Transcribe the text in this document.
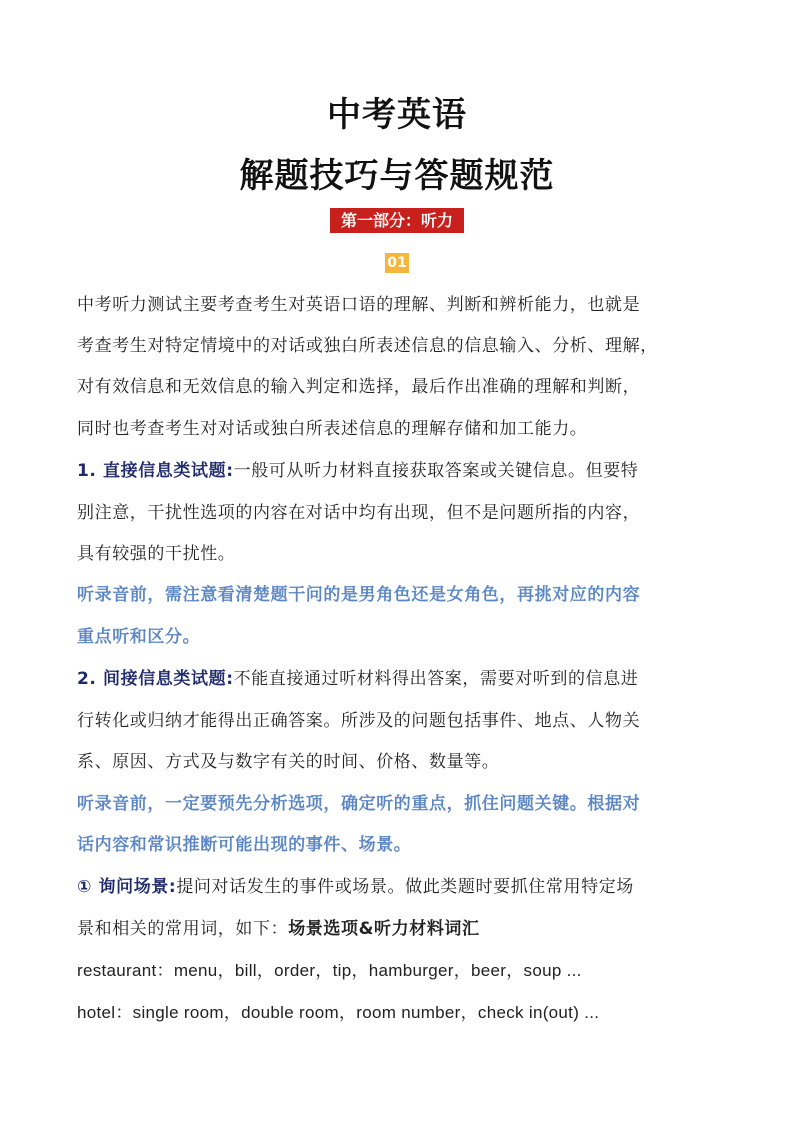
中考英语
解题技巧与答题规范
第一部分：听力
01
中考听力测试主要考查考生对英语口语的理解、判断和辨析能力，也就是
考查考生对特定情境中的对话或独白所表述信息的信息输入、分析、理解，
对有效信息和无效信息的输入判定和选择，最后作出准确的理解和判断，
同时也考查考生对对话或独白所表述信息的理解存储和加工能力。
1. 直接信息类试题:一般可从听力材料直接获取答案或关键信息。但要特
别注意，干扰性选项的内容在对话中均有出现，但不是问题所指的内容，
具有较强的干扰性。
听录音前，需注意看清楚题干问的是男角色还是女角色，再挑对应的内容
重点听和区分。
2. 间接信息类试题:不能直接通过听材料得出答案，需要对听到的信息进
行转化或归纳才能得出正确答案。所涉及的问题包括事件、地点、人物关
系、原因、方式及与数字有关的时间、价格、数量等。
听录音前，一定要预先分析选项，确定听的重点，抓住问题关键。根据对
话内容和常识推断可能出现的事件、场景。
① 询问场景:提问对话发生的事件或场景。做此类题时要抓住常用特定场
景和相关的常用词，如下：场景选项&听力材料词汇
restaurant：menu，bill，order，tip，hamburger，beer，soup ...
hotel：single room，double room，room number，check in(out) ...
